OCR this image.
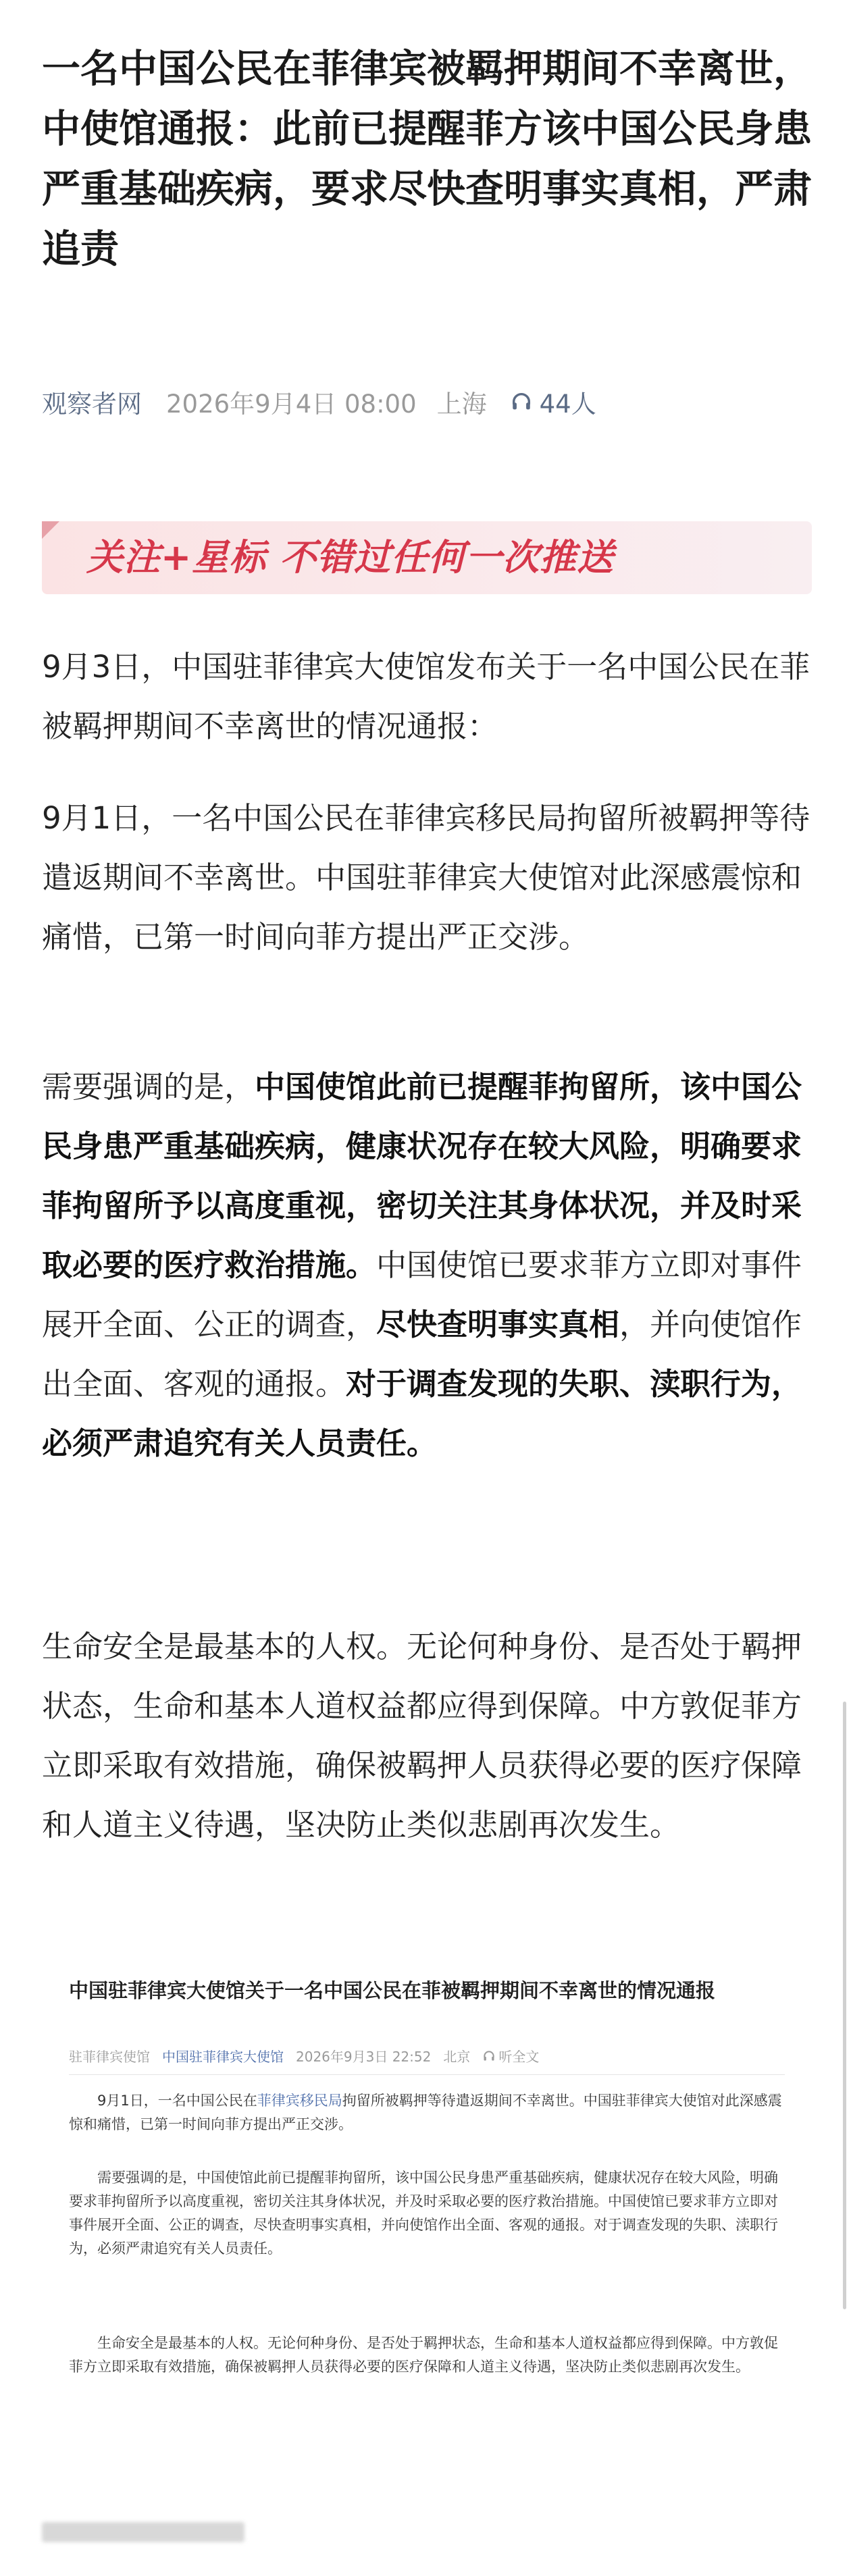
一名中国公民在菲律宾被羁押期间不幸离世，中使馆通报：此前已提醒菲方该中国公民身患严重基础疾病，要求尽快查明事实真相，严肃追责
观察者网 2026年9月4日 08:00 上海 44人
关注+星标 不错过任何一次推送
9月3日，中国驻菲律宾大使馆发布关于一名中国公民在菲被羁押期间不幸离世的情况通报：
9月1日，一名中国公民在菲律宾移民局拘留所被羁押等待遣返期间不幸离世。中国驻菲律宾大使馆对此深感震惊和痛惜，已第一时间向菲方提出严正交涉。
需要强调的是，中国使馆此前已提醒菲拘留所，该中国公民身患严重基础疾病，健康状况存在较大风险，明确要求菲拘留所予以高度重视，密切关注其身体状况，并及时采取必要的医疗救治措施。中国使馆已要求菲方立即对事件展开全面、公正的调查，尽快查明事实真相，并向使馆作出全面、客观的通报。对于调查发现的失职、渎职行为，必须严肃追究有关人员责任。
生命安全是最基本的人权。无论何种身份、是否处于羁押状态，生命和基本人道权益都应得到保障。中方敦促菲方立即采取有效措施，确保被羁押人员获得必要的医疗保障和人道主义待遇，坚决防止类似悲剧再次发生。
中国驻菲律宾大使馆关于一名中国公民在菲被羁押期间不幸离世的情况通报
驻菲律宾使馆 中国驻菲律宾大使馆 2026年9月3日 22:52 北京 听全文
9月1日，一名中国公民在菲律宾移民局拘留所被羁押等待遣返期间不幸离世。中国驻菲律宾大使馆对此深感震惊和痛惜，已第一时间向菲方提出严正交涉。
需要强调的是，中国使馆此前已提醒菲拘留所，该中国公民身患严重基础疾病，健康状况存在较大风险，明确要求菲拘留所予以高度重视，密切关注其身体状况，并及时采取必要的医疗救治措施。中国使馆已要求菲方立即对事件展开全面、公正的调查，尽快查明事实真相，并向使馆作出全面、客观的通报。对于调查发现的失职、渎职行为，必须严肃追究有关人员责任。
生命安全是最基本的人权。无论何种身份、是否处于羁押状态，生命和基本人道权益都应得到保障。中方敦促菲方立即采取有效措施，确保被羁押人员获得必要的医疗保障和人道主义待遇，坚决防止类似悲剧再次发生。
